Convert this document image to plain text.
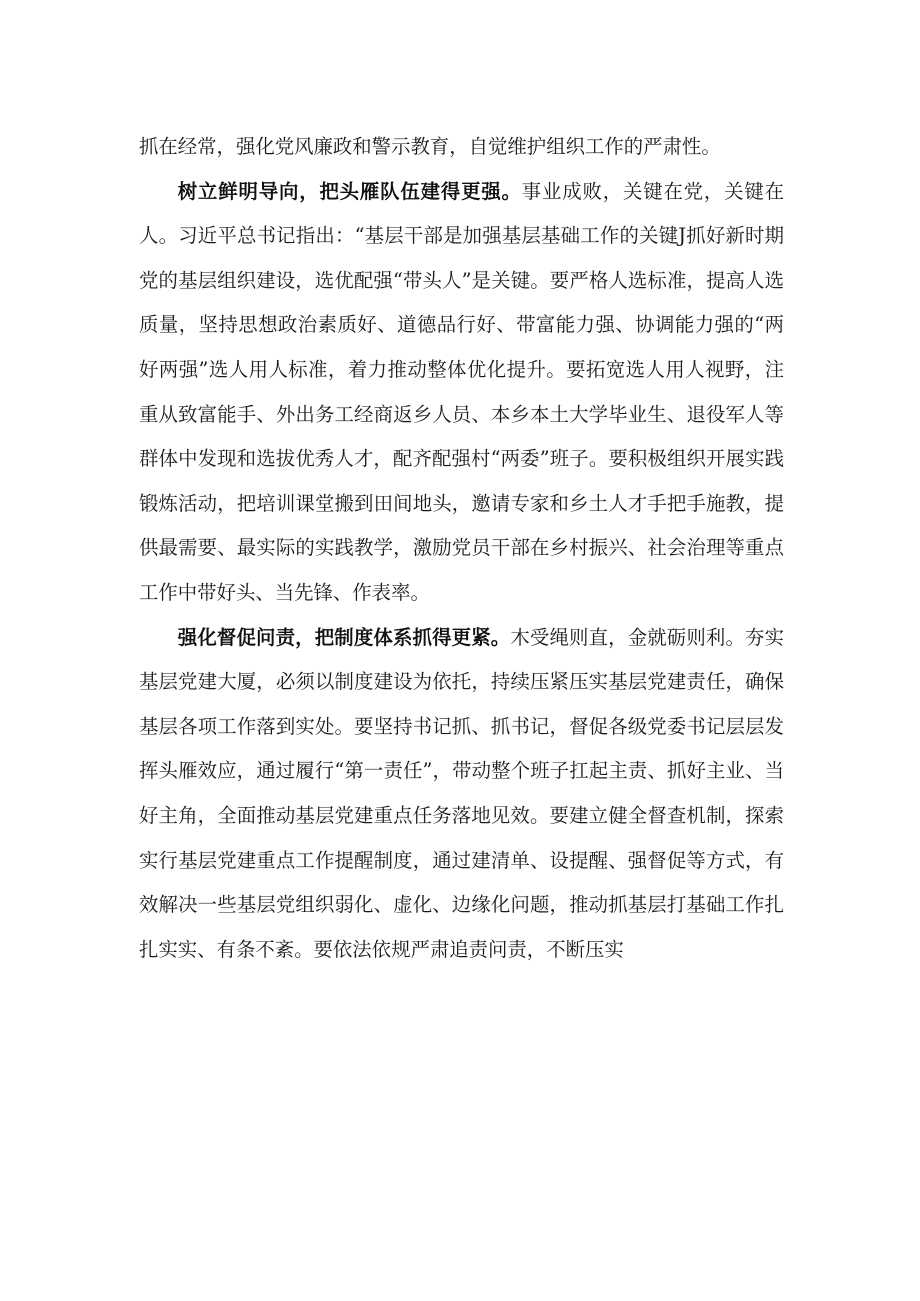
抓在经常，强化党风廉政和警示教育，自觉维护组织工作的严肃性。

树立鲜明导向，把头雁队伍建得更强。事业成败，关键在党，关键在人。习近平总书记指出：“基层干部是加强基层基础工作的关键J抓好新时期党的基层组织建设，选优配强“带头人”是关键。要严格人选标准，提高人选质量，坚持思想政治素质好、道德品行好、带富能力强、协调能力强的“两好两强”选人用人标准，着力推动整体优化提升。要拓宽选人用人视野，注重从致富能手、外出务工经商返乡人员、本乡本土大学毕业生、退役军人等群体中发现和选拔优秀人才，配齐配强村“两委”班子。要积极组织开展实践锻炼活动，把培训课堂搬到田间地头，邀请专家和乡土人才手把手施教，提供最需要、最实际的实践教学，激励党员干部在乡村振兴、社会治理等重点工作中带好头、当先锋、作表率。

强化督促问责，把制度体系抓得更紧。木受绳则直，金就砺则利。夯实基层党建大厦，必须以制度建设为依托，持续压紧压实基层党建责任，确保基层各项工作落到实处。要坚持书记抓、抓书记，督促各级党委书记层层发挥头雁效应，通过履行“第一责任”，带动整个班子扛起主责、抓好主业、当好主角，全面推动基层党建重点任务落地见效。要建立健全督查机制，探索实行基层党建重点工作提醒制度，通过建清单、设提醒、强督促等方式，有效解决一些基层党组织弱化、虚化、边缘化问题，推动抓基层打基础工作扎扎实实、有条不紊。要依法依规严肃追责问责，不断压实
